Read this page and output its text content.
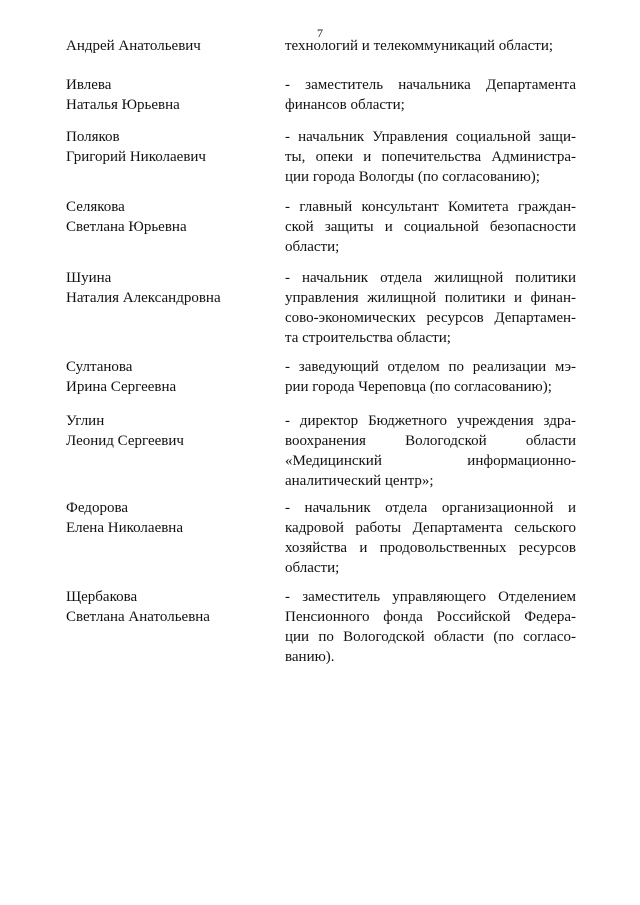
7
Андрей Анатольевич	технологий и телекоммуникаций области;
Ивлева
Наталья Юрьевна
- заместитель начальника Департамента
финансов области;
Поляков
Григорий Николаевич
- начальник Управления социальной защи-
ты, опеки и попечительства Администра-
ции города Вологды (по согласованию);
Селякова
Светлана Юрьевна
- главный консультант Комитета граждан-
ской защиты и социальной безопасности
области;
Шуина
Наталия Александровна
- начальник отдела жилищной политики
управления жилищной политики и финан-
сово-экономических ресурсов Департамен-
та строительства области;
Султанова
Ирина Сергеевна
- заведующий отделом по реализации мэ-
рии города Череповца (по согласованию);
Углин
Леонид Сергеевич
- директор Бюджетного учреждения здра-
воохранения Вологодской области
«Медицинский информационно-
аналитический центр»;
Федорова
Елена Николаевна
- начальник отдела организационной и
кадровой работы Департамента сельского
хозяйства и продовольственных ресурсов
области;
Щербакова
Светлана Анатольевна
- заместитель управляющего Отделением
Пенсионного фонда Российской Федера-
ции по Вологодской области (по согласо-
ванию).
